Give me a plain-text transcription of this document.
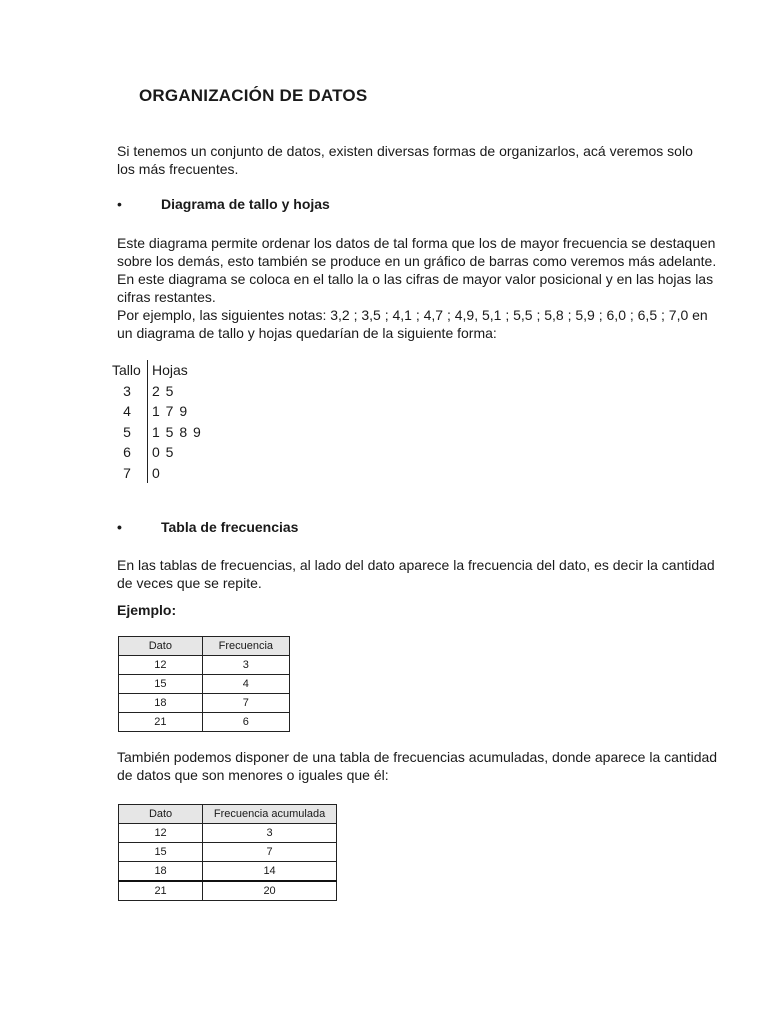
ORGANIZACIÓN DE DATOS
Si tenemos un conjunto de datos, existen diversas formas de organizarlos, acá veremos solo
los más frecuentes.
•	Diagrama de tallo y hojas
Este diagrama permite ordenar los datos de tal forma que los de mayor frecuencia se destaquen
sobre los demás, esto también se produce en un gráfico de barras como veremos más adelante.
En este diagrama se coloca en el tallo la o las cifras de mayor valor posicional y en las hojas las
cifras restantes.
Por ejemplo, las siguientes notas: 3,2 ; 3,5 ; 4,1 ; 4,7 ; 4,9, 5,1 ; 5,5 ; 5,8 ; 5,9 ; 6,0 ; 6,5 ; 7,0 en
un diagrama de tallo y hojas quedarían de la siguiente forma:
Tallo Hojas
3 2 5
4 1 7 9
5 1 5 8 9
6 0 5
7 0
•	Tabla de frecuencias
En las tablas de frecuencias, al lado del dato aparece la frecuencia del dato, es decir la cantidad
de veces que se repite.
Ejemplo:
Dato	Frecuencia
12	3
15	4
18	7
21	6
También podemos disponer de una tabla de frecuencias acumuladas, donde aparece la cantidad
de datos que son menores o iguales que él:
Dato	Frecuencia acumulada
12	3
15	7
18	14
21	20
